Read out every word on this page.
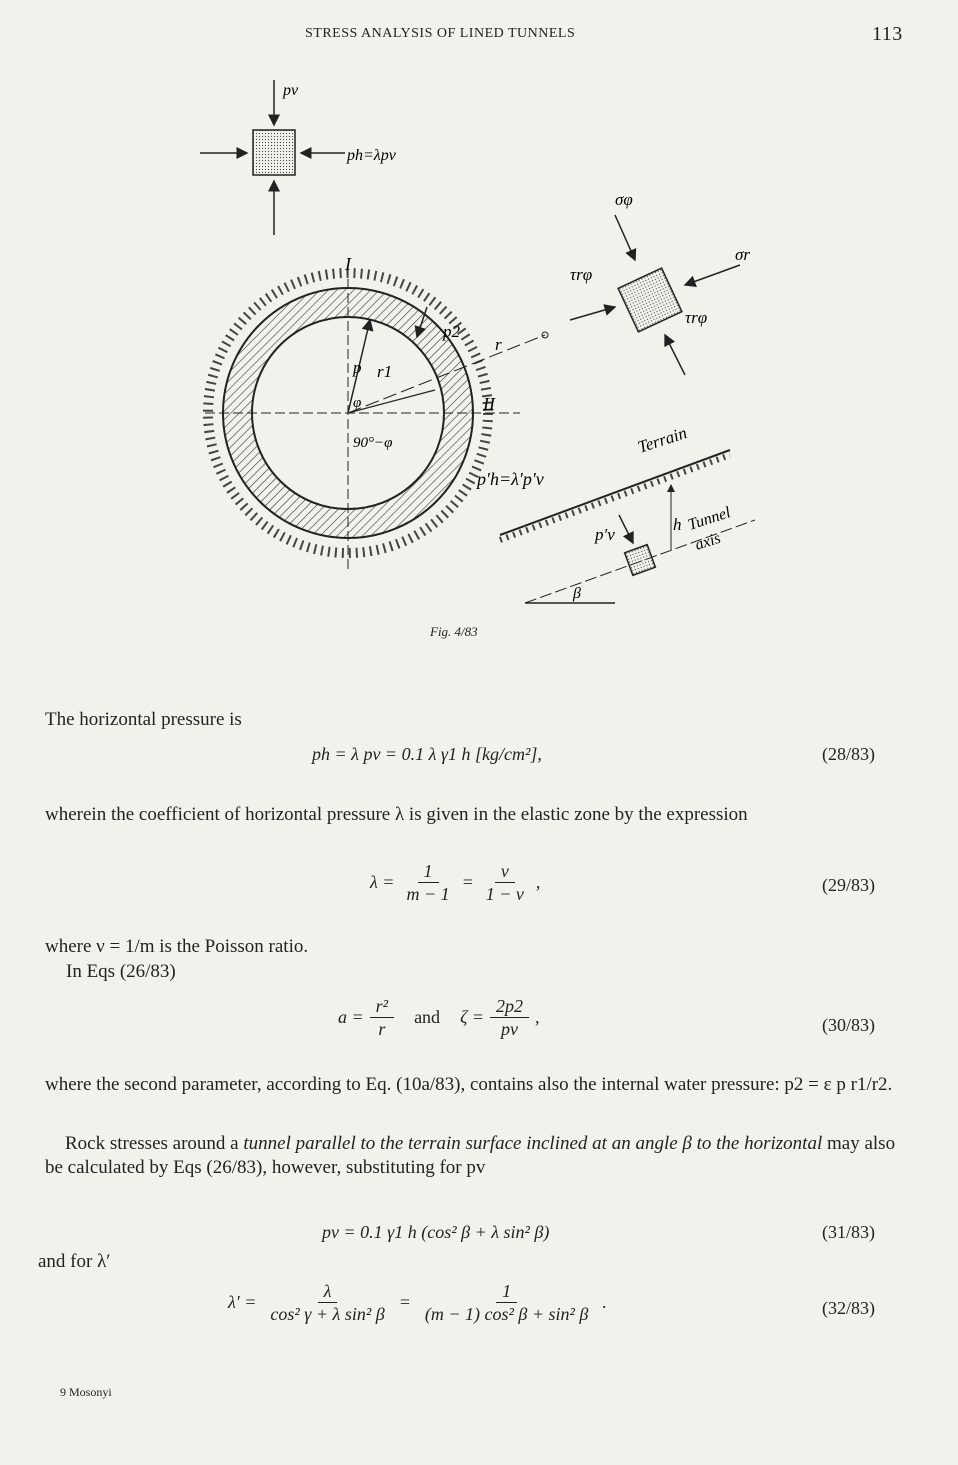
STRESS ANALYSIS OF LINED TUNNELS	113
pv
ph=λpv
I
II
p r1
p2
φ
90°−φ
r
σφ
σr
τrφ
τrφ
p′h=λ′p′v
p′v
Terrain
h Tunnel
axis
β
Fig. 4/83
The horizontal pressure is
ph = λ pv = 0.1 λ γ1 h [kg/cm²],	(28/83)
wherein the coefficient of horizontal pressure λ is given in the elastic zone by the expression
$\lambda = \frac{1}{m - 1} = \frac{\nu}{1 - \nu}$ ,	(29/83)
where ν = 1/m is the Poisson ratio.
In Eqs (26/83)
$a = \frac{\text{r²}}{r}$ and $\zeta = \frac{2p2}{pv}$ ,	(30/83)
where the second parameter, according to Eq. (10a/83), contains also the internal water pressure: p2 = ε p r1/r2.
Rock stresses around a tunnel parallel to the terrain surface inclined at an angle β to the horizontal may also be calculated by Eqs (26/83), however, substituting for pv
pv = 0.1 γ1 h (cos² β + λ sin² β)	(31/83)
and for λ′
$\lambda' = \frac{\lambda}{\text{cos² γ + λ sin² β}} = \frac{1}{\text{(m − 1) cos² β + sin² β}}$ .	(32/83)
9 Mosonyi
